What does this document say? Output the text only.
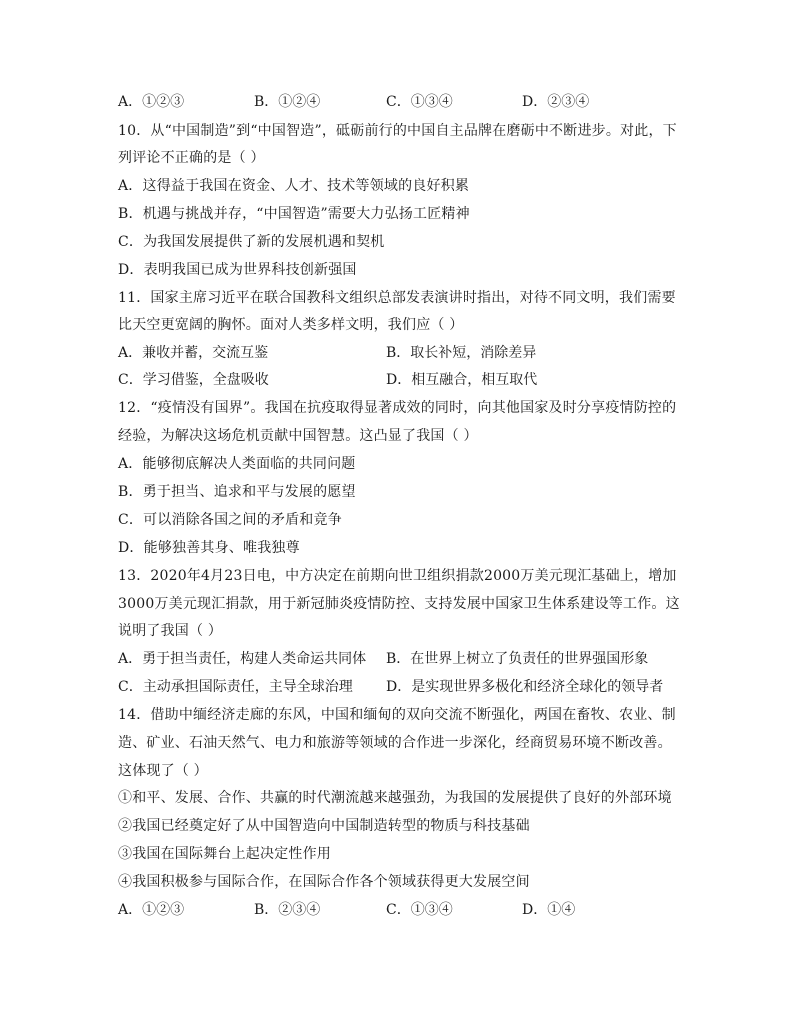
A．①②③	B．①②④	C．①③④	D．②③④
10．从“中国制造”到“中国智造”，砥砺前行的中国自主品牌在磨砺中不断进步。对此，下
列评论不正确的是（ ）
A．这得益于我国在资金、人才、技术等领域的良好积累
B．机遇与挑战并存，“中国智造”需要大力弘扬工匠精神
C．为我国发展提供了新的发展机遇和契机
D．表明我国已成为世界科技创新强国
11．国家主席习近平在联合国教科文组织总部发表演讲时指出，对待不同文明，我们需要
比天空更宽阔的胸怀。面对人类多样文明，我们应（ ）
A．兼收并蓄，交流互鉴	B．取长补短，消除差异
C．学习借鉴，全盘吸收	D．相互融合，相互取代
12．“疫情没有国界”。我国在抗疫取得显著成效的同时，向其他国家及时分享疫情防控的
经验，为解决这场危机贡献中国智慧。这凸显了我国（ ）
A．能够彻底解决人类面临的共同问题
B．勇于担当、追求和平与发展的愿望
C．可以消除各国之间的矛盾和竞争
D．能够独善其身、唯我独尊
13．2020年4月23日电，中方决定在前期向世卫组织捐款2000万美元现汇基础上，增加
3000万美元现汇捐款，用于新冠肺炎疫情防控、支持发展中国家卫生体系建设等工作。这
说明了我国（ ）
A．勇于担当责任，构建人类命运共同体 B．在世界上树立了负责任的世界强国形象
C．主动承担国际责任，主导全球治理 D．是实现世界多极化和经济全球化的领导者
14．借助中缅经济走廊的东风，中国和缅甸的双向交流不断强化，两国在畜牧、农业、制
造、矿业、石油天然气、电力和旅游等领域的合作进一步深化，经商贸易环境不断改善。
这体现了（ ）
①和平、发展、合作、共赢的时代潮流越来越强劲，为我国的发展提供了良好的外部环境
②我国已经奠定好了从中国智造向中国制造转型的物质与科技基础
③我国在国际舞台上起决定性作用
④我国积极参与国际合作，在国际合作各个领域获得更大发展空间
A．①②③	B．②③④	C．①③④	D．①④
